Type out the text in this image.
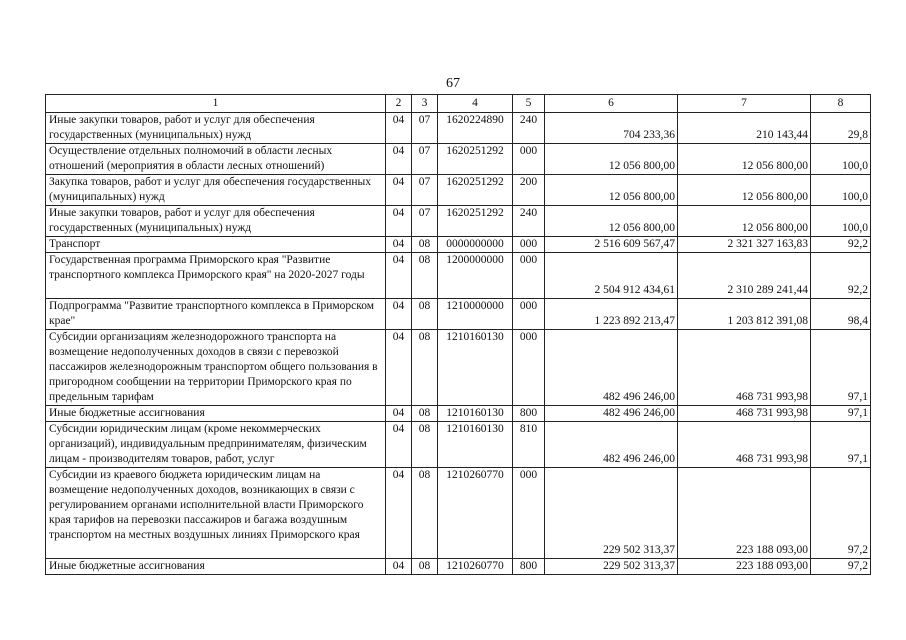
67
1	2	3	4	5	6	7	8
Иные закупки товаров, работ и услуг для обеспечения государственных (муниципальных) нужд	04	07	1620224890	240	704 233,36	210 143,44	29,8
Осуществление отдельных полномочий в области лесных отношений (мероприятия в области лесных отношений)	04	07	1620251292	000	12 056 800,00	12 056 800,00	100,0
Закупка товаров, работ и услуг для обеспечения государственных (муниципальных) нужд	04	07	1620251292	200	12 056 800,00	12 056 800,00	100,0
Иные закупки товаров, работ и услуг для обеспечения государственных (муниципальных) нужд	04	07	1620251292	240	12 056 800,00	12 056 800,00	100,0
Транспорт	04	08	0000000000	000	2 516 609 567,47	2 321 327 163,83	92,2
Государственная программа Приморского края "Развитие транспортного комплекса Приморского края" на 2020-2027 годы	04	08	1200000000	000	2 504 912 434,61	2 310 289 241,44	92,2
Подпрограмма "Развитие транспортного комплекса в Приморском крае"	04	08	1210000000	000	1 223 892 213,47	1 203 812 391,08	98,4
Субсидии организациям железнодорожного транспорта на возмещение недополученных доходов в связи с перевозкой пассажиров железнодорожным транспортом общего пользования в пригородном сообщении на территории Приморского края по предельным тарифам	04	08	1210160130	000	482 496 246,00	468 731 993,98	97,1
Иные бюджетные ассигнования	04	08	1210160130	800	482 496 246,00	468 731 993,98	97,1
Субсидии юридическим лицам (кроме некоммерческих организаций), индивидуальным предпринимателям, физическим лицам - производителям товаров, работ, услуг	04	08	1210160130	810	482 496 246,00	468 731 993,98	97,1
Субсидии из краевого бюджета юридическим лицам на возмещение недополученных доходов, возникающих в связи с регулированием органами исполнительной власти Приморского края тарифов на перевозки пассажиров и багажа воздушным транспортом на местных воздушных линиях Приморского края	04	08	1210260770	000	229 502 313,37	223 188 093,00	97,2
Иные бюджетные ассигнования	04	08	1210260770	800	229 502 313,37	223 188 093,00	97,2
